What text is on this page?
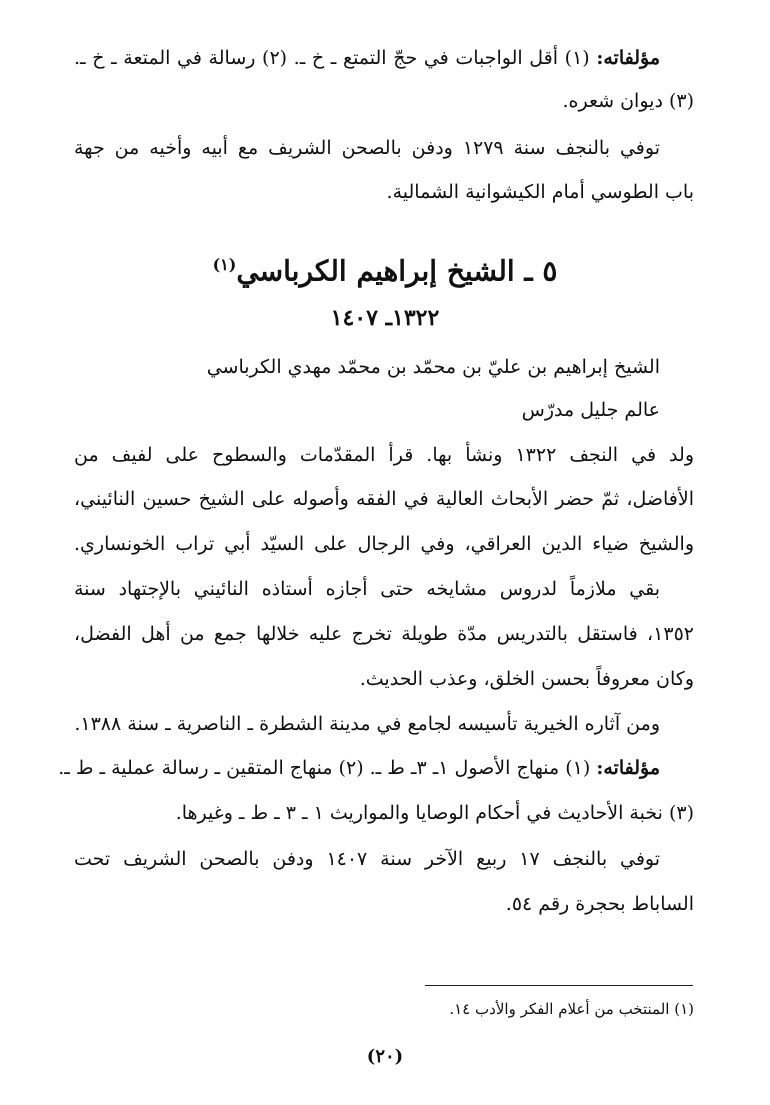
مؤلفاته: (١) أقل الواجبات في حجّ التمتع ـ خ ـ. (٢) رسالة في المتعة ـ خ ـ.
(٣) ديوان شعره.
توفي بالنجف سنة ١٢٧٩ ودفن بالصحن الشريف مع أبيه وأخيه من جهة
باب الطوسي أمام الكيشوانية الشمالية.
٥ ـ الشيخ إبراهيم الكرباسي$^{(١)}$
١٣٢٢ـ ١٤٠٧
الشيخ إبراهيم بن عليّ بن محمّد بن محمّد مهدي الكرباسي
عالم جليل مدرّس
ولد في النجف ١٣٢٢ ونشأ بها. قرأ المقدّمات والسطوح على لفيف من
الأفاضل، ثمّ حضر الأبحاث العالية في الفقه وأصوله على الشيخ حسين النائيني،
والشيخ ضياء الدين العراقي، وفي الرجال على السيّد أبي تراب الخونساري.
بقي ملازماً لدروس مشايخه حتى أجازه أستاذه النائيني بالإجتهاد سنة
١٣٥٢، فاستقل بالتدريس مدّة طويلة تخرج عليه خلالها جمع من أهل الفضل،
وكان معروفاً بحسن الخلق، وعذب الحديث.
ومن آثاره الخيرية تأسيسه لجامع في مدينة الشطرة ـ الناصرية ـ سنة ١٣٨٨.
مؤلفاته: (١) منهاج الأصول ١ـ ٣ـ ط ـ. (٢) منهاج المتقين ـ رسالة عملية ـ ط ـ.
(٣) نخبة الأحاديث في أحكام الوصايا والمواريث ١ ـ ٣ ـ ط ـ وغيرها.
توفي بالنجف ١٧ ربيع الآخر سنة ١٤٠٧ ودفن بالصحن الشريف تحت
الساباط بحجرة رقم ٥٤.
(١) المنتخب من أعلام الفكر والأدب ١٤.
(٢٠)
